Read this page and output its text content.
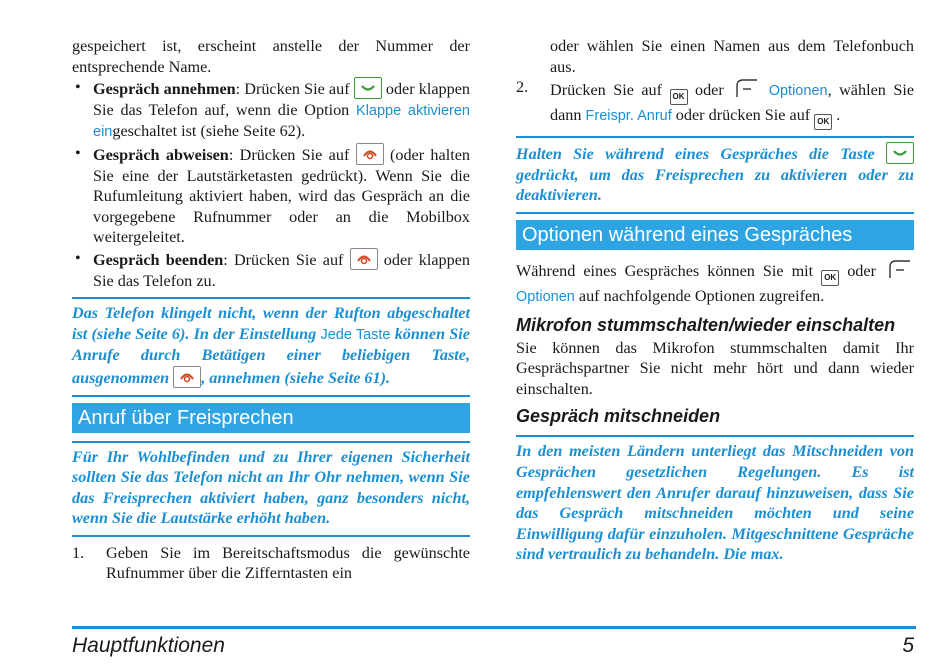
gespeichert ist, erscheint anstelle der Nummer der entsprechende Name.

• Gespräch annehmen: Drücken Sie auf  oder klappen Sie das Telefon auf, wenn die Option Klappe aktivieren eingeschaltet ist (siehe Seite 62).
• Gespräch abweisen: Drücken Sie auf  (oder halten Sie eine der Lautstärketasten gedrückt). Wenn Sie die Rufumleitung aktiviert haben, wird das Gespräch an die vorgegebene Rufnummer oder an die Mobilbox weitergeleitet.
• Gespräch beenden: Drücken Sie auf  oder klappen Sie das Telefon zu.
Das Telefon klingelt nicht, wenn der Rufton abgeschaltet ist (siehe Seite 6). In der Einstellung Jede Taste können Sie Anrufe durch Betätigen einer beliebigen Taste, ausgenommen , annehmen (siehe Seite 61).
Anruf über Freisprechen
Für Ihr Wohlbefinden und zu Ihrer eigenen Sicherheit sollten Sie das Telefon nicht an Ihr Ohr nehmen, wenn Sie das Freisprechen aktiviert haben, ganz besonders nicht, wenn Sie die Lautstärke erhöht haben.
1. Geben Sie im Bereitschaftsmodus die gewünschte Rufnummer über die Zifferntasten ein
oder wählen Sie einen Namen aus dem Telefonbuch aus.
2. Drücken Sie auf OK oder	Optionen, wählen Sie dann Freispr. Anruf oder drücken Sie auf OK .
Halten Sie während eines Gespräches die Taste  gedrückt, um das Freisprechen zu aktivieren oder zu deaktivieren.
Optionen während eines Gespräches

Während eines Gespräches können Sie mit OK oder  Optionen auf nachfolgende Optionen zugreifen.

Mikrofon stummschalten/wieder einschalten

Sie können das Mikrofon stummschalten damit Ihr Gesprächspartner Sie nicht mehr hört und dann wieder einschalten.

Gespräch mitschneiden
In den meisten Ländern unterliegt das Mitschneiden von Gesprächen gesetzlichen Regelungen. Es ist empfehlenswert den Anrufer darauf hinzuweisen, dass Sie das Gespräch mitschneiden möchten und seine Einwilligung dafür einzuholen. Mitgeschnittene Gespräche sind vertraulich zu behandeln. Die max.
Hauptfunktionen	5
